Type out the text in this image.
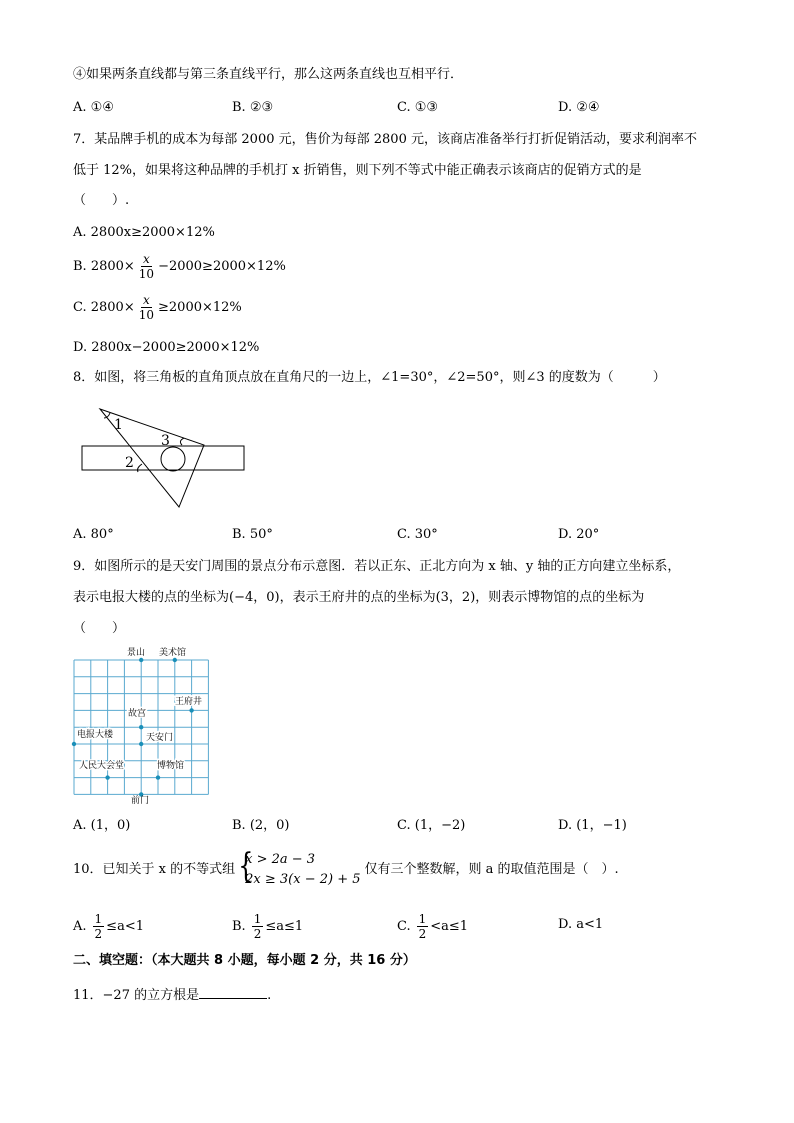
④如果两条直线都与第三条直线平行，那么这两条直线也互相平行．
A. ①④	B. ②③	C. ①③	D. ②④
7．某品牌手机的成本为每部 2000 元，售价为每部 2800 元，该商店准备举行打折促销活动，要求利润率不
低于 12%，如果将这种品牌的手机打 x 折销售，则下列不等式中能正确表示该商店的促销方式的是
（　　）.
A. 2800x≥2000×12%
B. $2800\times \frac{x}{10} -2000\ge 2000\times 12\%$
C. $2800\times \frac{x}{10} \ge 2000\times 12\%$
D. 2800x−2000≥2000×12%
8．如图，将三角板的直角顶点放在直角尺的一边上，∠1=30°，∠2=50°，则∠3 的度数为（　　　）
1
2
3
A. 80°	B. 50°	C. 30°	D. 20°
9．如图所示的是天安门周围的景点分布示意图．若以正东、正北方向为 x 轴、y 轴的正方向建立坐标系，
表示电报大楼的点的坐标为(−4，0)，表示王府井的点的坐标为(3，2)，则表示博物馆的点的坐标为
（　　）
景山 美术馆
王府井
故宫
电报大楼	天安门
人民大会堂	博物馆
前门
A. (1，0)	B. (2，0)	C. (1，−2)	D. (1，−1)
10．已知关于 x 的不等式组 {
x > 2a − 3
2x ≥ 3(x − 2) + 5
仅有三个整数解，则 a 的取值范围是（　）.
A. $\frac{1}{2} \le a<1$	B. $\frac{1}{2} \le a\le 1$	C. $\frac{1}{2} <a\le 1$	D. a<1
二、填空题：（本大题共 8 小题，每小题 2 分，共 16 分）
11．−27 的立方根是	.
